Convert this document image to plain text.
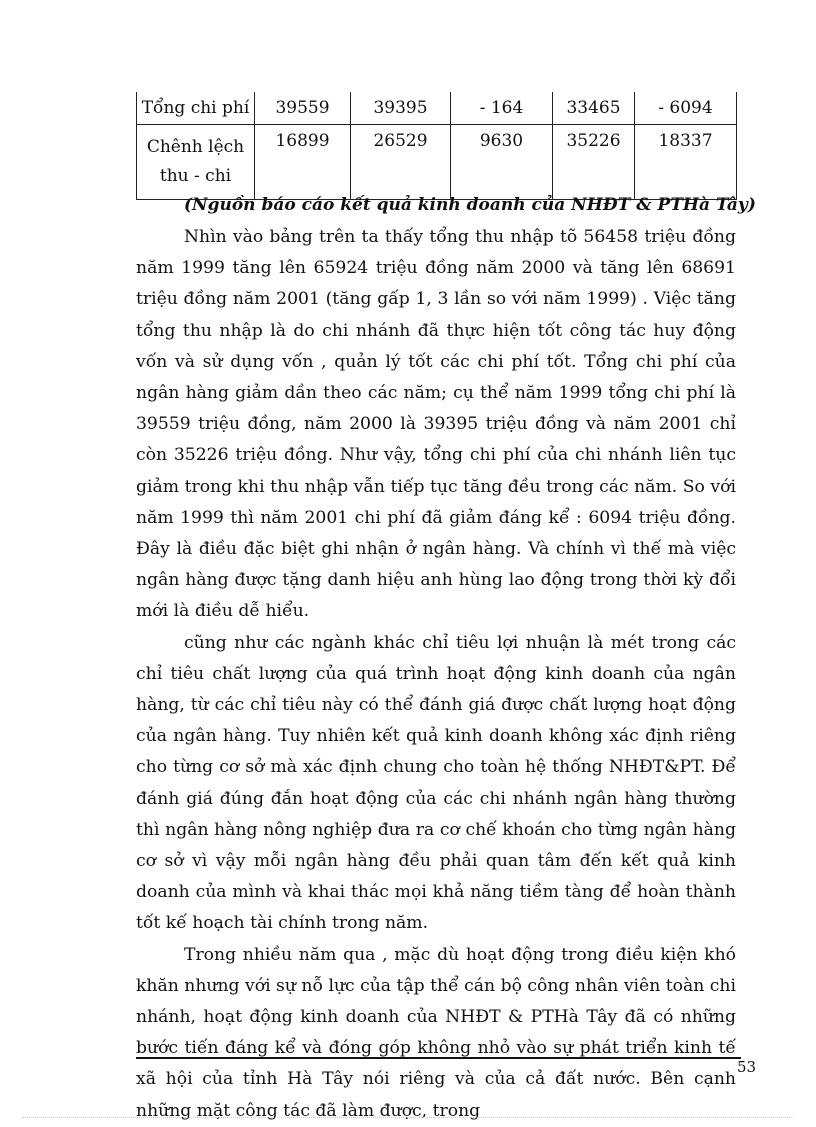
Tổng chi phí	39559	39395	- 164	33465	- 6094

Chênh lệch
thu - chi	16899	26529	9630	35226	18337
(Nguồn báo cáo kết quả kinh doanh của NHĐT & PTHà Tây)

Nhìn vào bảng trên ta thấy tổng thu nhập tõ 56458 triệu đồng năm 1999 tăng lên 65924 triệu đồng năm 2000 và tăng lên 68691 triệu đồng năm 2001 (tăng gấp 1, 3 lần so với năm 1999) . Việc tăng tổng thu nhập là do chi nhánh đã thực hiện tốt công tác huy động vốn và sử dụng vốn , quản lý tốt các chi phí tốt. Tổng chi phí của ngân hàng giảm dần theo các năm; cụ thể năm 1999 tổng chi phí là 39559 triệu đồng, năm 2000 là 39395 triệu đồng và năm 2001 chỉ còn 35226 triệu đồng. Như vậy, tổng chi phí của chi nhánh liên tục giảm trong khi thu nhập vẫn tiếp tục tăng đều trong các năm. So với năm 1999 thì năm 2001 chi phí đã giảm đáng kể : 6094 triệu đồng. Đây là điều đặc biệt ghi nhận ở ngân hàng. Và chính vì thế mà việc ngân hàng được tặng danh hiệu anh hùng lao động trong thời kỳ đổi mới là điều dễ hiểu.

cũng như các ngành khác chỉ tiêu lợi nhuận là mét trong các chỉ tiêu chất lượng của quá trình hoạt động kinh doanh của ngân hàng, từ các chỉ tiêu này có thể đánh giá được chất lượng hoạt động của ngân hàng. Tuy nhiên kết quả kinh doanh không xác định riêng cho từng cơ sở mà xác định chung cho toàn hệ thống NHĐT&PT. Để đánh giá đúng đắn hoạt động của các chi nhánh ngân hàng thường thì ngân hàng nông nghiệp đưa ra cơ chế khoán cho từng ngân hàng cơ sở vì vậy mỗi ngân hàng đều phải quan tâm đến kết quả kinh doanh của mình và khai thác mọi khả năng tiềm tàng để hoàn thành tốt kế hoạch tài chính trong năm.

Trong nhiều năm qua , mặc dù hoạt động trong điều kiện khó khăn nhưng với sự nỗ lực của tập thể cán bộ công nhân viên toàn chi nhánh, hoạt động kinh doanh của NHĐT & PTHà Tây đã có những bước tiến đáng kể và đóng góp không nhỏ vào sự phát triển kinh tế xã hội của tỉnh Hà Tây nói riêng và của cả đất nước. Bên cạnh những mặt công tác đã làm được, trong

53
